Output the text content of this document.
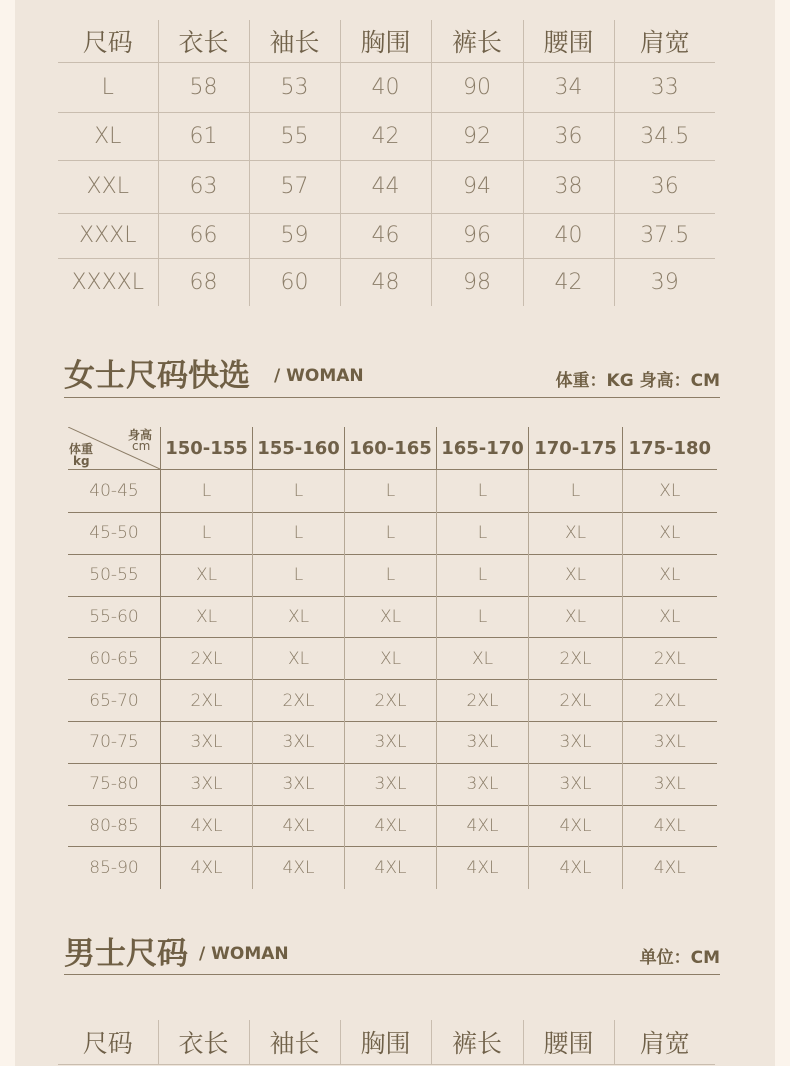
尺码	衣长	袖长	胸围	裤长	腰围	肩宽
L	58	53	40	90	34	33
XL	61	55	42	92	36	34.5
XXL	63	57	44	94	38	36
XXXL	66	59	46	96	40	37.5
XXXXL	68	60	48	98	42	39
女士尺码快选 / WOMAN	体重：KG 身高：CM
身高
cm
体重
kg	150-155	155-160	160-165	165-170	170-175	175-180
40-45	L	L	L	L	L	XL
45-50	L	L	L	L	XL	XL
50-55	XL	L	L	L	XL	XL
55-60	XL	XL	XL	L	XL	XL
60-65	2XL	XL	XL	XL	2XL	2XL
65-70	2XL	2XL	2XL	2XL	2XL	2XL
70-75	3XL	3XL	3XL	3XL	3XL	3XL
75-80	3XL	3XL	3XL	3XL	3XL	3XL
80-85	4XL	4XL	4XL	4XL	4XL	4XL
85-90	4XL	4XL	4XL	4XL	4XL	4XL
男士尺码 / WOMAN	单位：CM
尺码	衣长	袖长	胸围	裤长	腰围	肩宽
